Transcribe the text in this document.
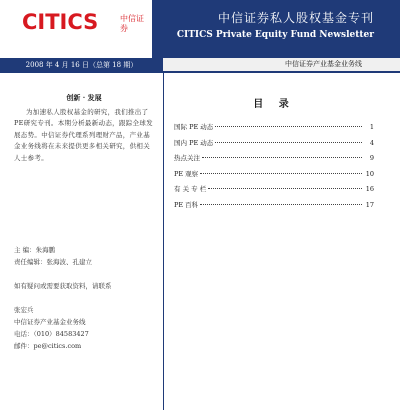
CITICS	中信证券
中信证券私人股权基金专刊
CITICS Private Equity Fund Newsletter
2008 年 4 月 16 日（总第 18 期）	中信证券产业基金业务线
创新 · 发展
为加速私人股权基金的研究，我们推出了PE研究专刊。本期分析最新动态，跟踪全球发展态势。中信证券代理系列理财产品，产业基金业务线将在未来提供更多相关研究，供相关人士参考。

主 编：朱海鹏

责任编辑：张海波、孔建立

如有疑问或需要获取资料，请联系

张宏兵

中信证券产业基金业务线

电话：（010）84583427

邮件：pe@citics.com

目 录
国际 PE 动态	1
国内 PE 动态	4
热点关注	9
PE 观察	10
有 关 专 栏	16
PE 百科	17
